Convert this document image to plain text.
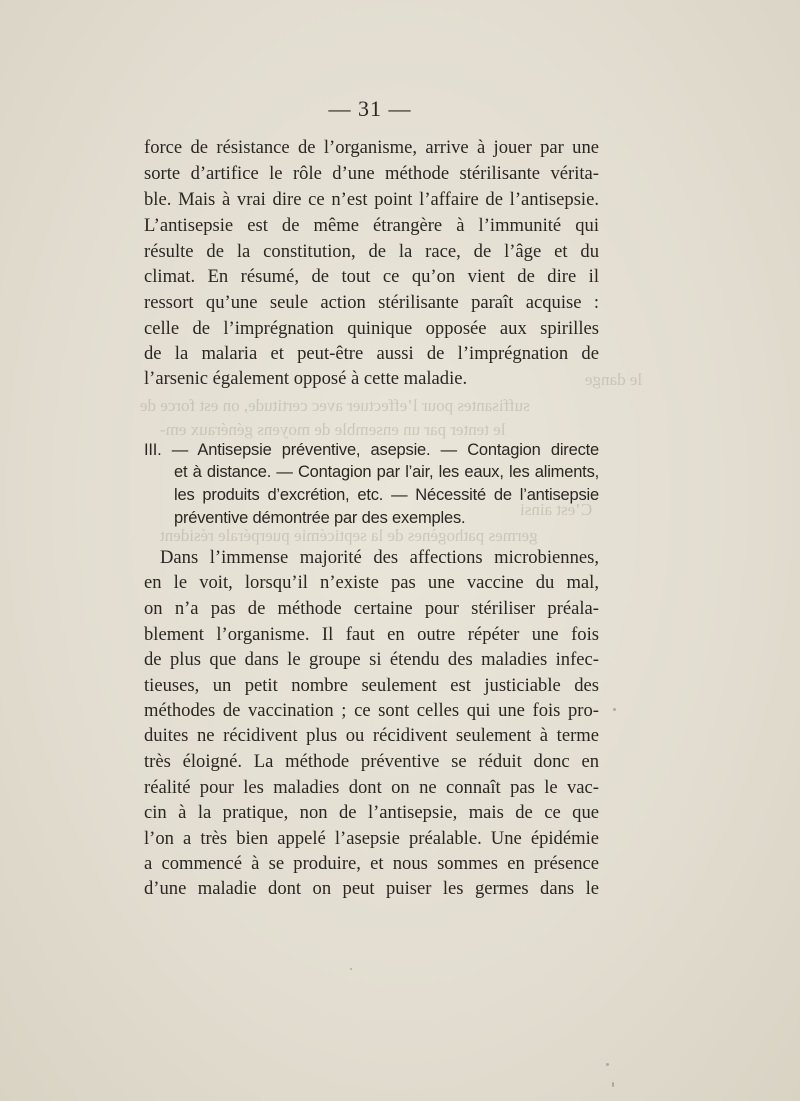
le dange
suffisantes pour l’effectuer avec certitude, on est force de
le tenter par un ensemble de moyens généraux em-
C’est ainsi
germes pathogènes de la septicémie puerpérale résident
— 31 —
force de résistance de l’organisme, arrive à jouer par une
sorte d’artifice le rôle d’une méthode stérilisante vérita-
ble. Mais à vrai dire ce n’est point l’affaire de l’antisepsie.
L’antisepsie est de même étrangère à l’immunité qui
résulte de la constitution, de la race, de l’âge et du
climat. En résumé, de tout ce qu’on vient de dire il
ressort qu’une seule action stérilisante paraît acquise :
celle de l’imprégnation quinique opposée aux spirilles
de la malaria et peut-être aussi de l’imprégnation de
l’arsenic également opposé à cette maladie.
III. — Antisepsie préventive, asepsie. — Contagion directe
et à distance. — Contagion par l’air, les eaux, les aliments,
les produits d’excrétion, etc. — Nécessité de l’antisepsie
préventive démontrée par des exemples.
Dans l’immense majorité des affections microbiennes,
en le voit, lorsqu’il n’existe pas une vaccine du mal,
on n’a pas de méthode certaine pour stériliser préala-
blement l’organisme. Il faut en outre répéter une fois
de plus que dans le groupe si étendu des maladies infec-
tieuses, un petit nombre seulement est justiciable des
méthodes de vaccination ; ce sont celles qui une fois pro-
duites ne récidivent plus ou récidivent seulement à terme
très éloigné. La méthode préventive se réduit donc en
réalité pour les maladies dont on ne connaît pas le vac-
cin à la pratique, non de l’antisepsie, mais de ce que
l’on a très bien appelé l’asepsie préalable. Une épidémie
a commencé à se produire, et nous sommes en présence
d’une maladie dont on peut puiser les germes dans le
